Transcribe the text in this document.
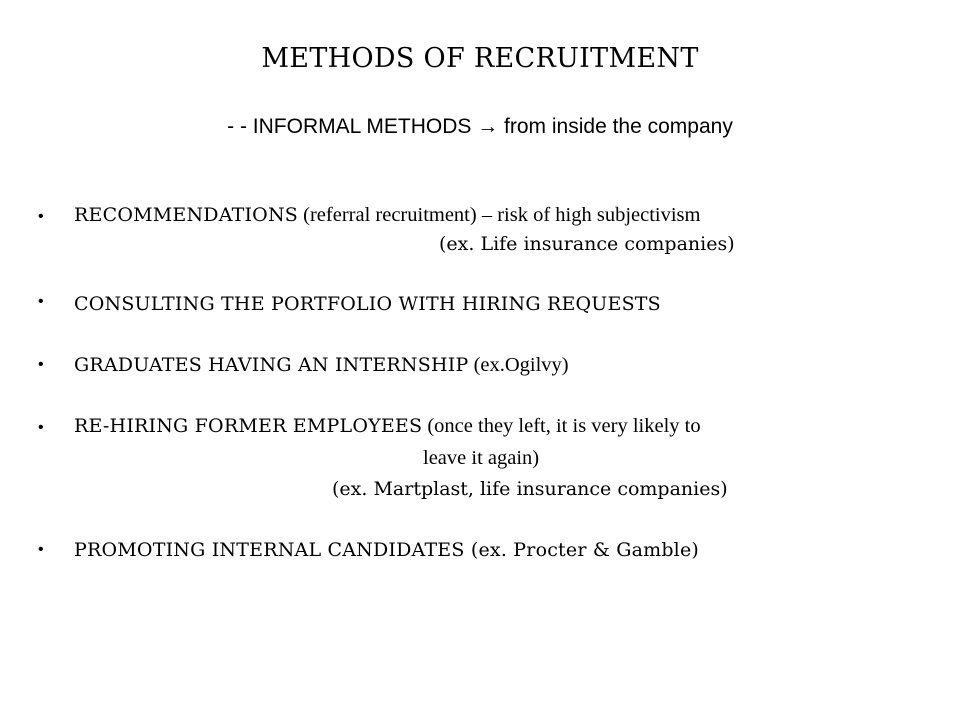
METHODS OF RECRUITMENT
- - INFORMAL METHODS → from inside the company
• RECOMMENDATIONS (referral recruitment) – risk of high subjectivism
(ex. Life insurance companies)
• CONSULTING THE PORTFOLIO WITH HIRING REQUESTS
• GRADUATES HAVING AN INTERNSHIP (ex.Ogilvy)
• RE-HIRING FORMER EMPLOYEES (once they left, it is very likely to
leave it again)
(ex. Martplast, life insurance companies)
• PROMOTING INTERNAL CANDIDATES (ex. Procter & Gamble)
